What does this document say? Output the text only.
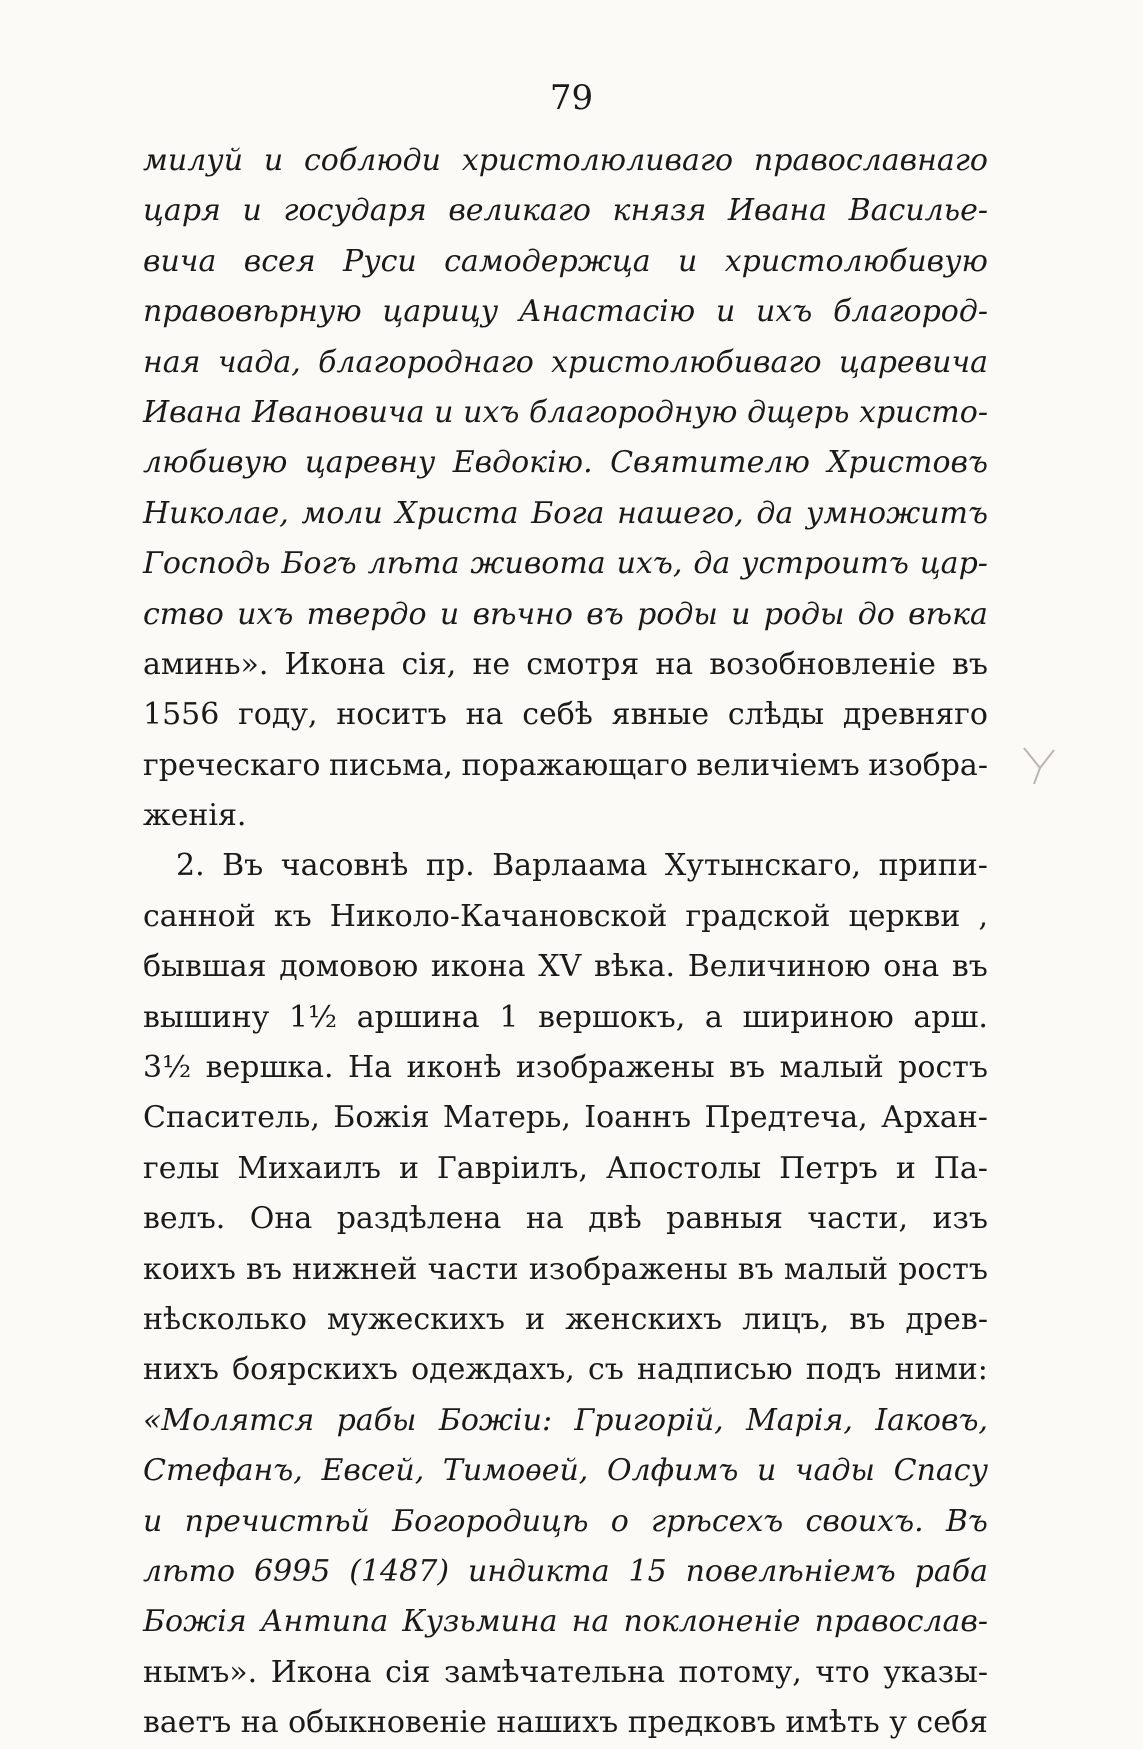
79
милуй и соблюди христолюливаго православнаго
царя и государя великаго князя Ивана Василье-
вича всея Руси самодержца и христолюбивую
правовѣрную царицу Анастасію и ихъ благород-
ная чада, благороднаго христолюбиваго царевича
Ивана Ивановича и ихъ благородную дщерь христо-
любивую царевну Евдокію. Святителю Христовъ
Николае, моли Христа Бога нашего, да умножитъ
Господь Богъ лѣта живота ихъ, да устроитъ цар-
ство ихъ твердо и вѣчно въ роды и роды до вѣка
аминь». Икона сія, не смотря на возобновленіе въ
1556 году, носитъ на себѣ явные слѣды древняго
греческаго письма, поражающаго величіемъ изобра-
женія.
2. Въ часовнѣ пр. Варлаама Хутынскаго, припи-
санной къ Николо-Качановской градской церкви ,
бывшая домовою икона XV вѣка. Величиною она въ
вышину 1½ аршина 1 вершокъ, а шириною арш.
3½ вершка. На иконѣ изображены въ малый ростъ
Спаситель, Божія Матерь, Іоаннъ Предтеча, Архан-
гелы Михаилъ и Гавріилъ, Апостолы Петръ и Па-
велъ. Она раздѣлена на двѣ равныя части, изъ
коихъ въ нижней части изображены въ малый ростъ
нѣсколько мужескихъ и женскихъ лицъ, въ древ-
нихъ боярскихъ одеждахъ, съ надписью подъ ними:
«Молятся рабы Божіи: Григорій, Марія, Іаковъ,
Стефанъ, Евсей, Тимоѳей, Олфимъ и чады Спасу
и пречистѣй Богородицѣ о грѣсехъ своихъ. Въ
лѣто 6995 (1487) индикта 15 повелѣніемъ раба
Божія Антипа Кузьмина на поклоненіе православ-
нымъ». Икона сія замѣчательна потому, что указы-
ваетъ на обыкновеніе нашихъ предковъ имѣть у себя
